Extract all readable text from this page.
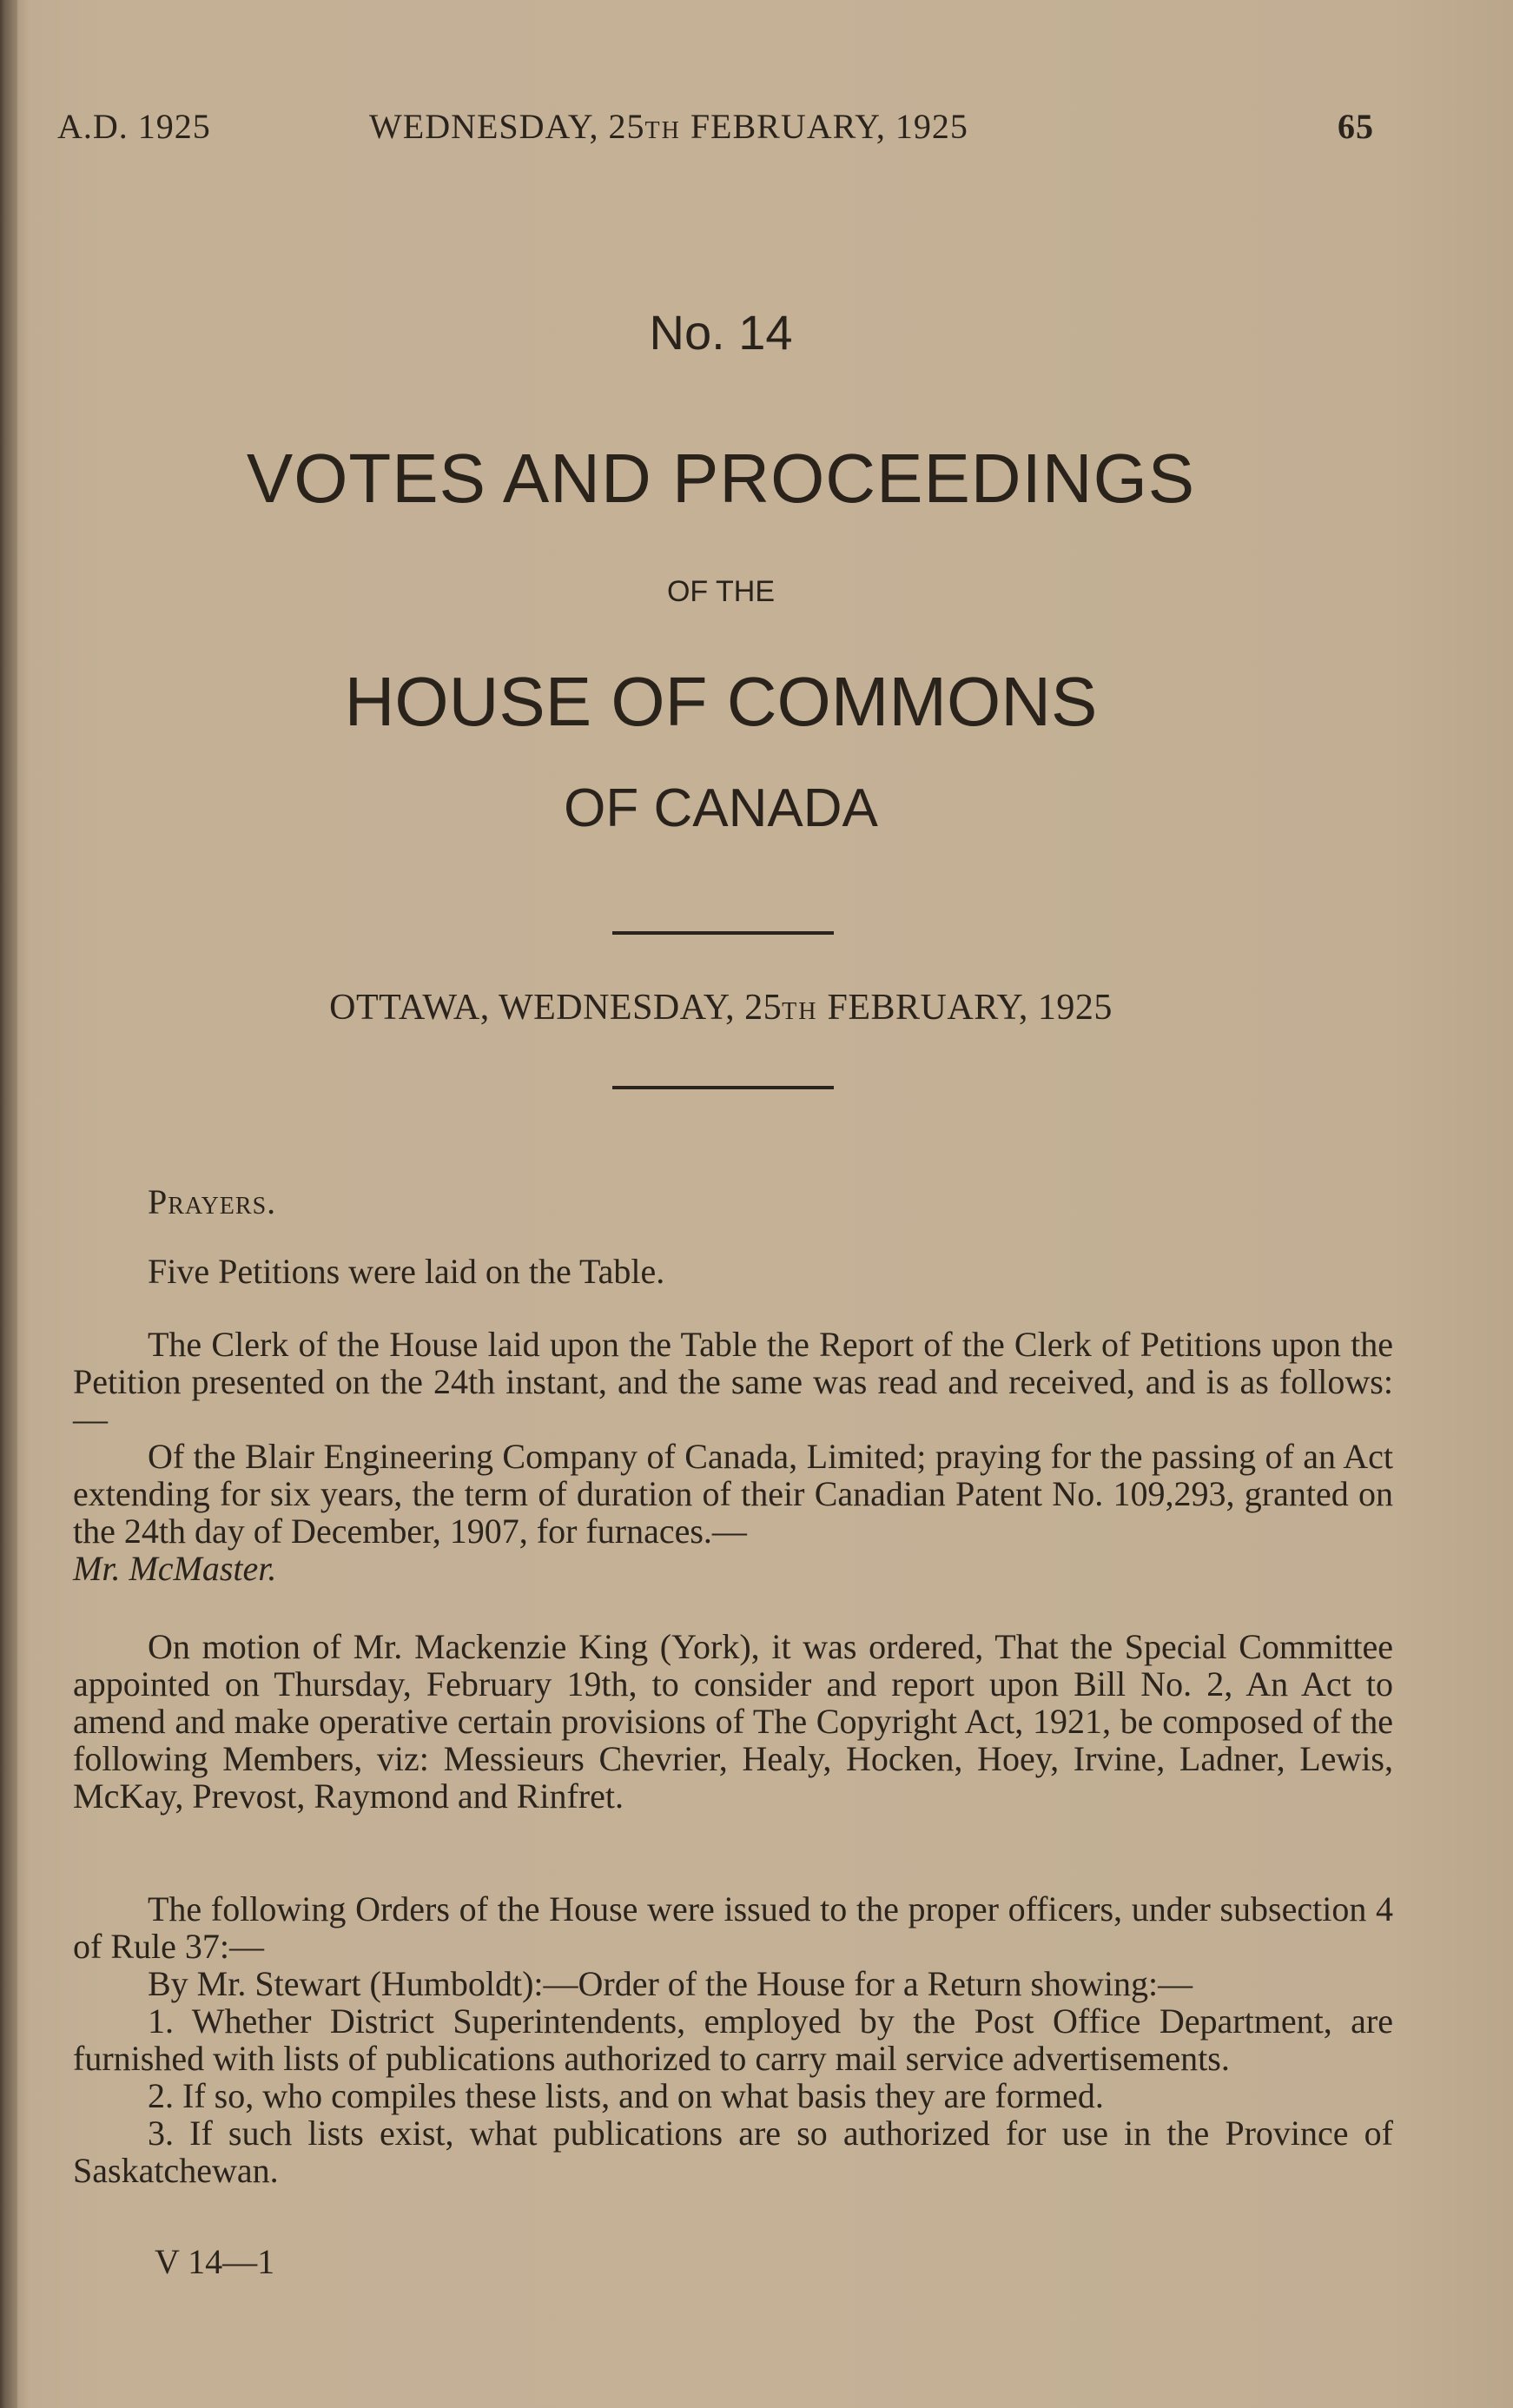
A.D. 1925	WEDNESDAY, 25TH FEBRUARY, 1925	65
No. 14
VOTES AND PROCEEDINGS
OF THE
HOUSE OF COMMONS
OF CANADA
OTTAWA, WEDNESDAY, 25TH FEBRUARY, 1925

Prayers.

Five Petitions were laid on the Table.

The Clerk of the House laid upon the Table the Report of the Clerk of Petitions upon the Petition presented on the 24th instant, and the same was read and received, and is as follows:—

Of the Blair Engineering Company of Canada, Limited; praying for the passing of an Act extending for six years, the term of duration of their Canadian Patent No. 109,293, granted on the 24th day of December, 1907, for furnaces.—
Mr. McMaster.

On motion of Mr. Mackenzie King (York), it was ordered, That the Special Committee appointed on Thursday, February 19th, to consider and report upon Bill No. 2, An Act to amend and make operative certain provisions of The Copyright Act, 1921, be composed of the following Members, viz: Messieurs Chevrier, Healy, Hocken, Hoey, Irvine, Ladner, Lewis, McKay, Prevost, Raymond and Rinfret.

The following Orders of the House were issued to the proper officers, under subsection 4 of Rule 37:—

By Mr. Stewart (Humboldt):—Order of the House for a Return showing:—

1. Whether District Superintendents, employed by the Post Office Department, are furnished with lists of publications authorized to carry mail service advertisements.

2. If so, who compiles these lists, and on what basis they are formed.

3. If such lists exist, what publications are so authorized for use in the Province of Saskatchewan.

V 14—1
